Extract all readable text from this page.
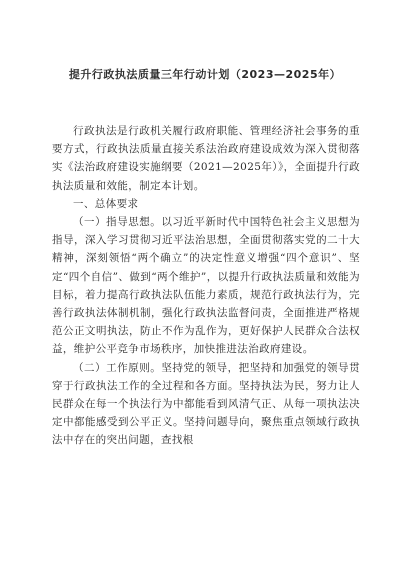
提升行政执法质量三年行动计划（2023—2025年）

行政执法是行政机关履行政府职能、管理经济社会事务的重要方式，行政执法质量直接关系法治政府建设成效为深入贯彻落实《法治政府建设实施纲要（2021—2025年）》，全面提升行政执法质量和效能，制定本计划。

一、总体要求

（一）指导思想。以习近平新时代中国特色社会主义思想为指导，深入学习贯彻习近平法治思想，全面贯彻落实党的二十大精神，深刻领悟“两个确立”的决定性意义增强“四个意识”、坚定“四个自信”、做到“两个维护”，以提升行政执法质量和效能为目标，着力提高行政执法队伍能力素质，规范行政执法行为，完善行政执法体制机制，强化行政执法监督问责，全面推进严格规范公正文明执法，防止不作为乱作为，更好保护人民群众合法权益，维护公平竞争市场秩序，加快推进法治政府建设。

（二）工作原则。坚持党的领导，把坚持和加强党的领导贯穿于行政执法工作的全过程和各方面。坚持执法为民，努力让人民群众在每一个执法行为中都能看到风清气正、从每一项执法决定中都能感受到公平正义。坚持问题导向，聚焦重点领域行政执法中存在的突出问题，查找根
